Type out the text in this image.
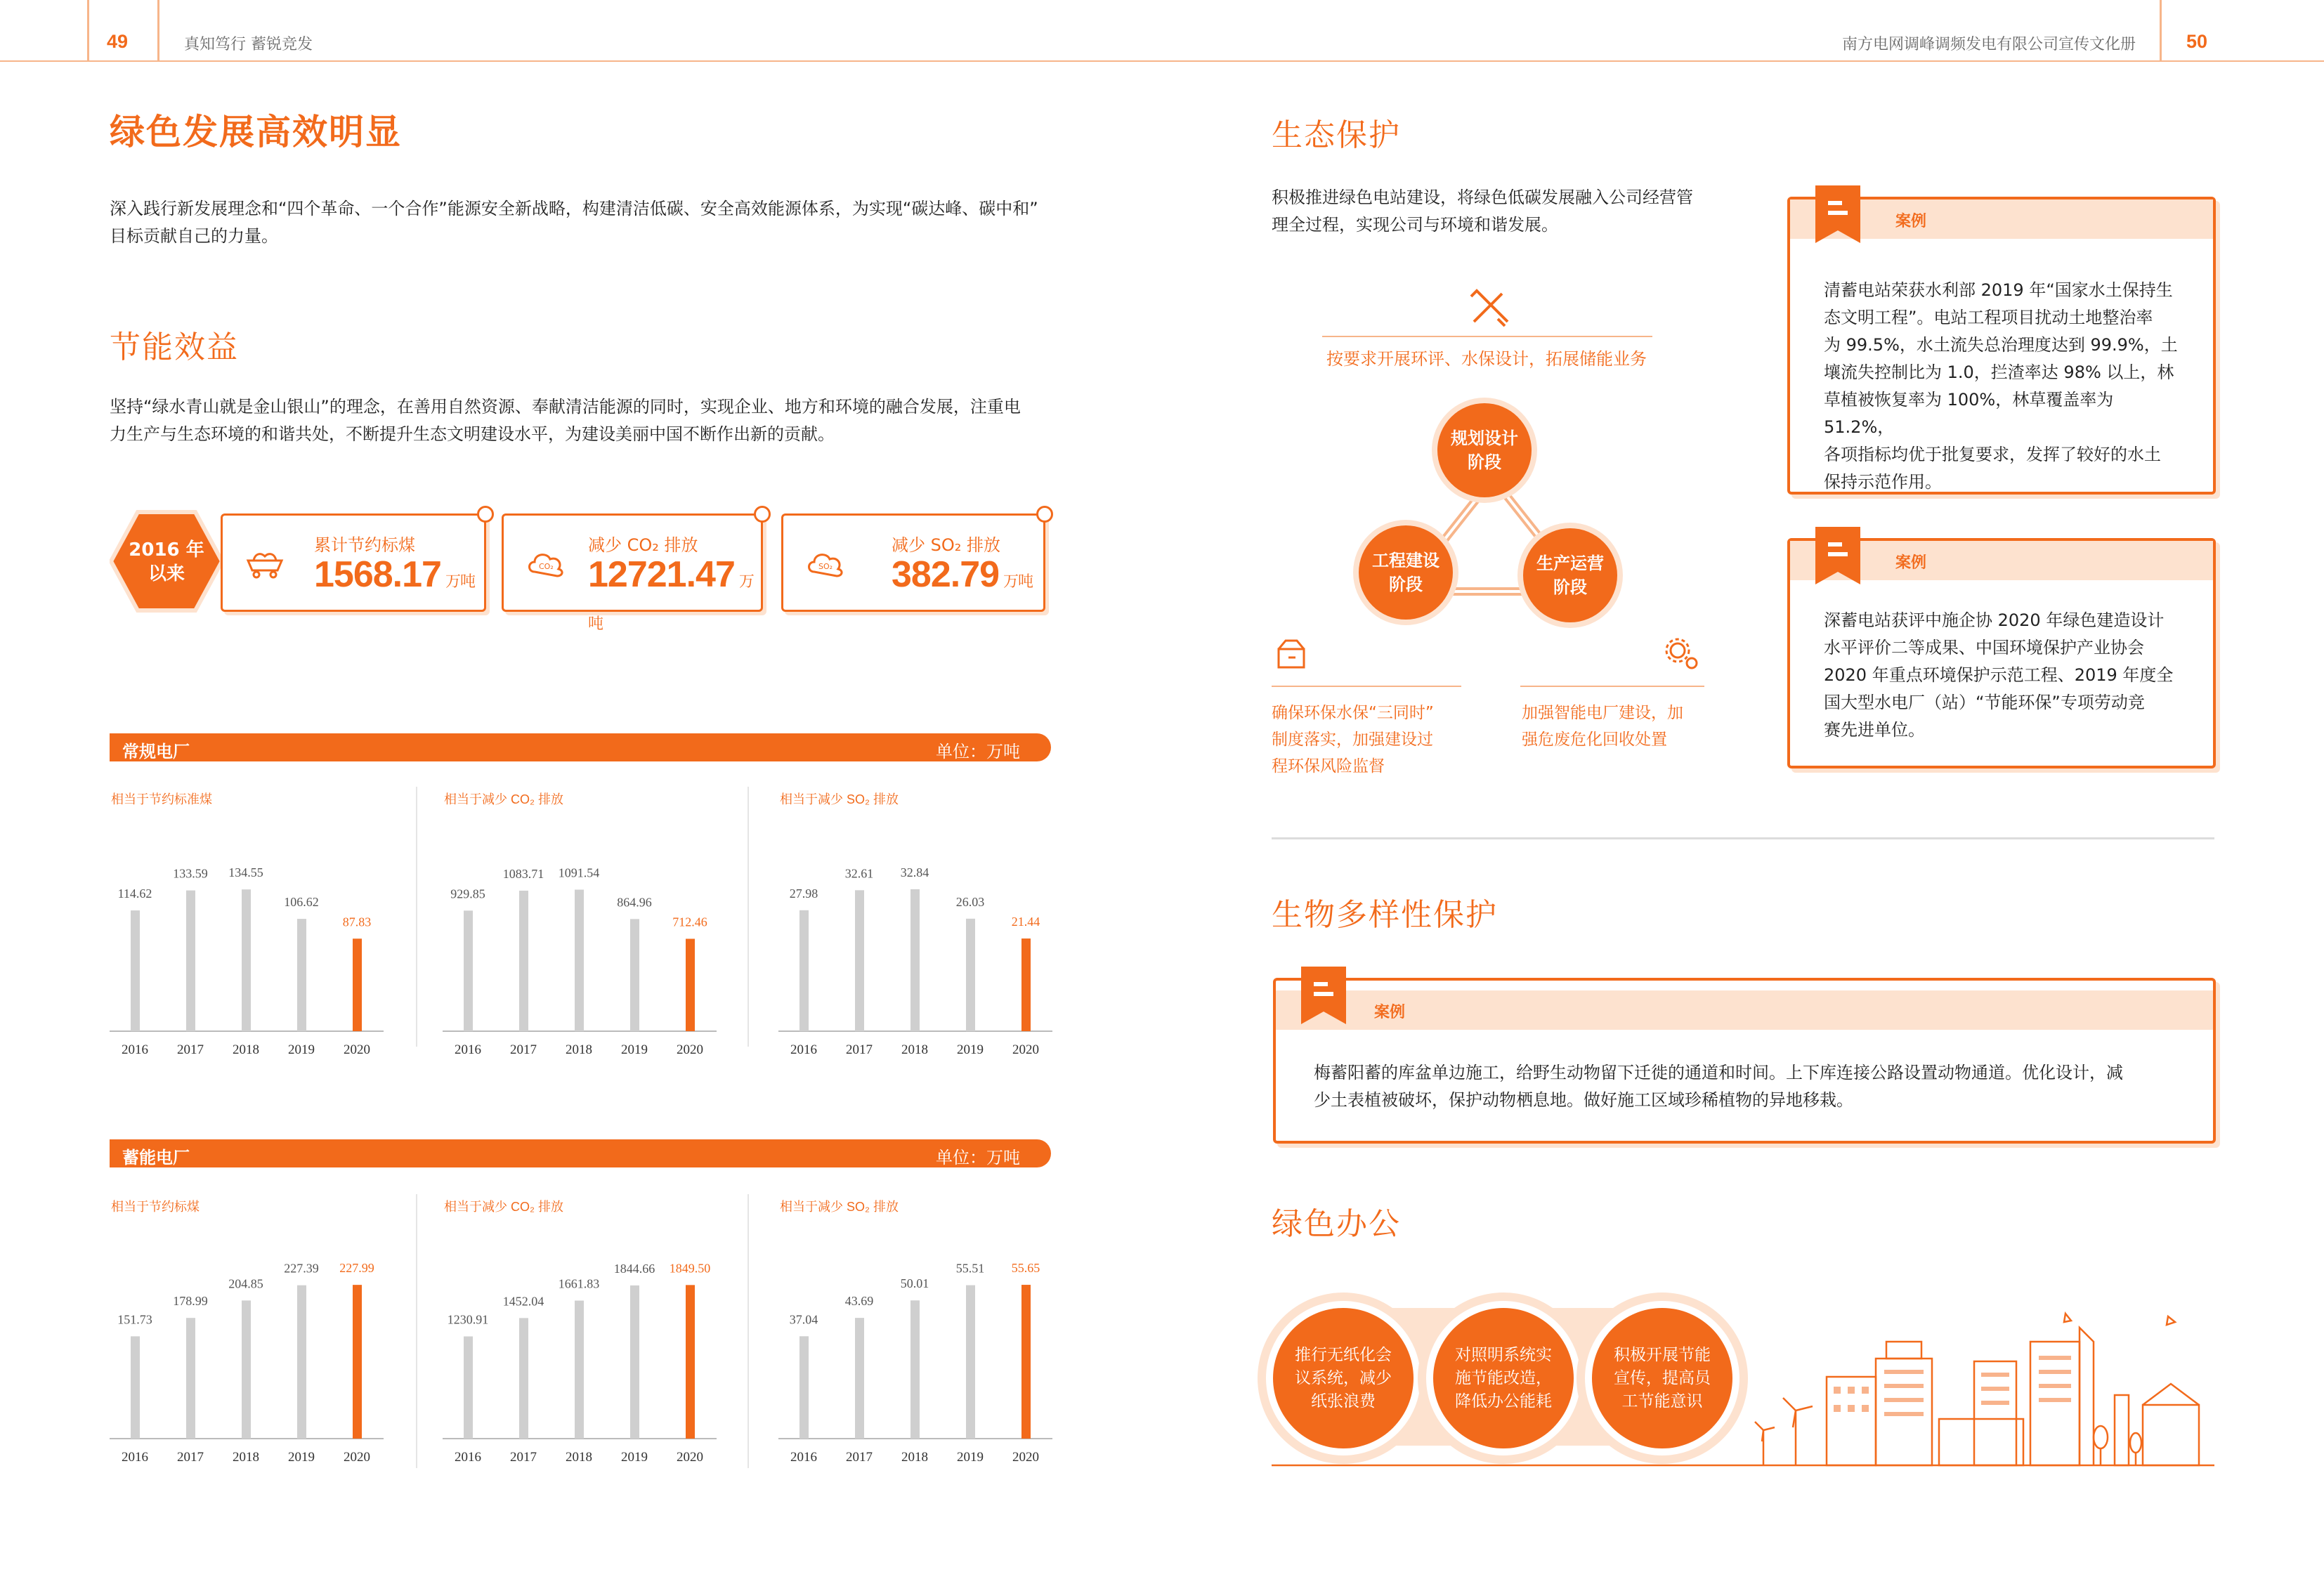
49	真知笃行 蓄锐竞发	南方电网调峰调频发电有限公司宣传文化册	50
绿色发展高效明显
深入践行新发展理念和“四个革命、一个合作”能源安全新战略，构建清洁低碳、安全高效能源体系，为实现“碳达峰、碳中和”
目标贡献自己的力量。
节能效益
坚持“绿水青山就是金山银山”的理念，在善用自然资源、奉献清洁能源的同时，实现企业、地方和环境的融合发展，注重电
力生产与生态环境的和谐共处，不断提升生态文明建设水平，为建设美丽中国不断作出新的贡献。
2016 年
以来
累计节约标煤
1568.17 万吨
CO₂
减少 CO₂ 排放
12721.47 万吨
SO₂
减少 SO₂ 排放
382.79 万吨
常规电厂	单位：万吨
蓄能电厂	单位：万吨
相当于节约标准煤
114.62
2016
133.59
2017
134.55
2018
106.62
2019
87.83
2020
相当于减少 CO₂ 排放
929.85
2016
1083.71
2017
1091.54
2018
864.96
2019
712.46
2020
相当于减少 SO₂ 排放
27.98
2016
32.61
2017
32.84
2018
26.03
2019
21.44
2020
相当于节约标煤
151.73
2016
178.99
2017
204.85
2018
227.39
2019
227.99
2020
相当于减少 CO₂ 排放
1230.91
2016
1452.04
2017
1661.83
2018
1844.66
2019
1849.50
2020
相当于减少 SO₂ 排放
37.04
2016
43.69
2017
50.01
2018
55.51
2019
55.65
2020
生态保护
积极推进绿色电站建设，将绿色低碳发展融入公司经营管
理全过程，实现公司与环境和谐发展。
按要求开展环评、水保设计，拓展储能业务
规划设计
阶段
工程建设
阶段
生产运营
阶段
确保环保水保“三同时”
制度落实，加强建设过
程环保风险监督
加强智能电厂建设，加
强危废危化回收处置
案例
清蓄电站荣获水利部 2019 年“国家水土保持生
态文明工程”。电站工程项目扰动土地整治率
为 99.5%，水土流失总治理度达到 99.9%，土
壤流失控制比为 1.0，拦渣率达 98% 以上，林
草植被恢复率为 100%，林草覆盖率为 51.2%，
各项指标均优于批复要求，发挥了较好的水土
保持示范作用。
案例
深蓄电站获评中施企协 2020 年绿色建造设计
水平评价二等成果、中国环境保护产业协会
2020 年重点环境保护示范工程、2019 年度全
国大型水电厂（站）“节能环保”专项劳动竞
赛先进单位。
生物多样性保护
案例
梅蓄阳蓄的库盆单边施工，给野生动物留下迁徙的通道和时间。上下库连接公路设置动物通道。优化设计，减
少土表植被破坏，保护动物栖息地。做好施工区域珍稀植物的异地移栽。
绿色办公
推行无纸化会
议系统，减少
纸张浪费
对照明系统实
施节能改造，
降低办公能耗
积极开展节能
宣传，提高员
工节能意识
